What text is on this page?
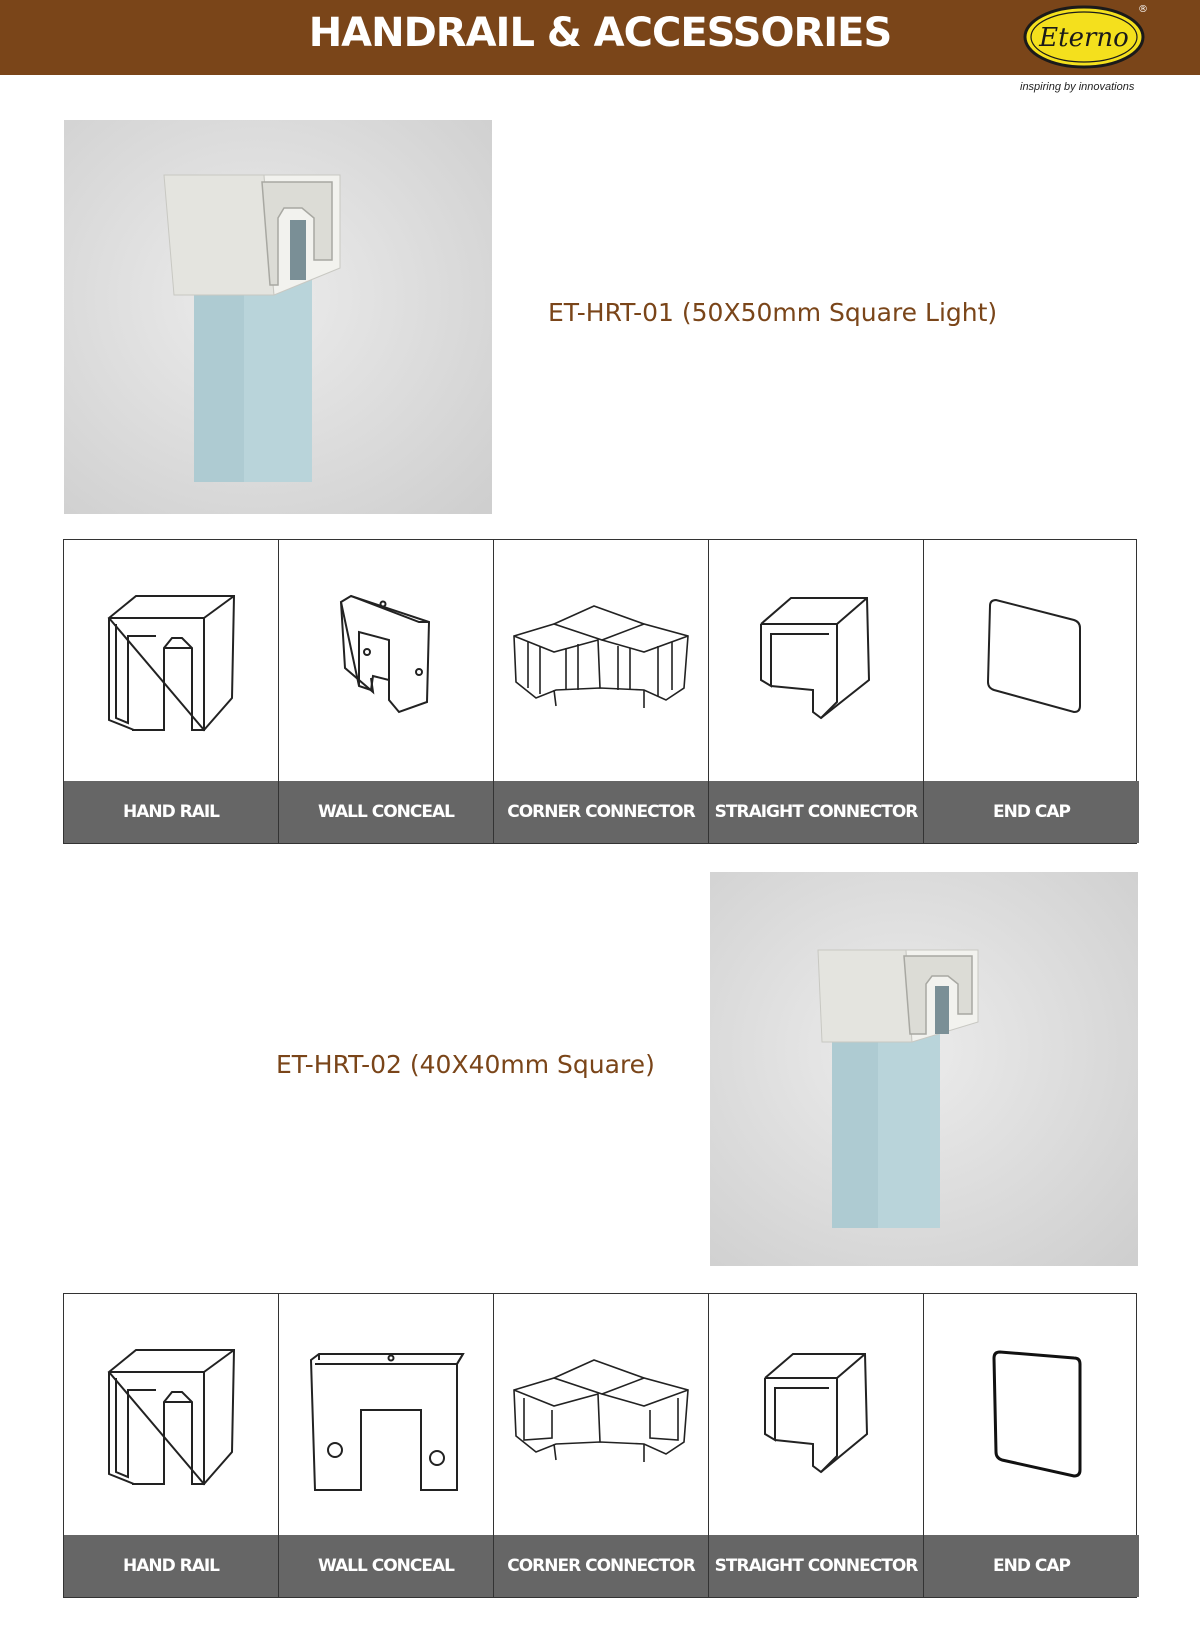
HANDRAIL & ACCESSORIES	Eterno
®
inspiring by innovations
ET-HRT-01 (50X50mm Square Light)
HAND RAIL	WALL CONCEAL	CORNER CONNECTOR	STRAIGHT CONNECTOR	END CAP
ET-HRT-02 (40X40mm Square)
HAND RAIL	WALL CONCEAL	CORNER CONNECTOR	STRAIGHT CONNECTOR	END CAP
